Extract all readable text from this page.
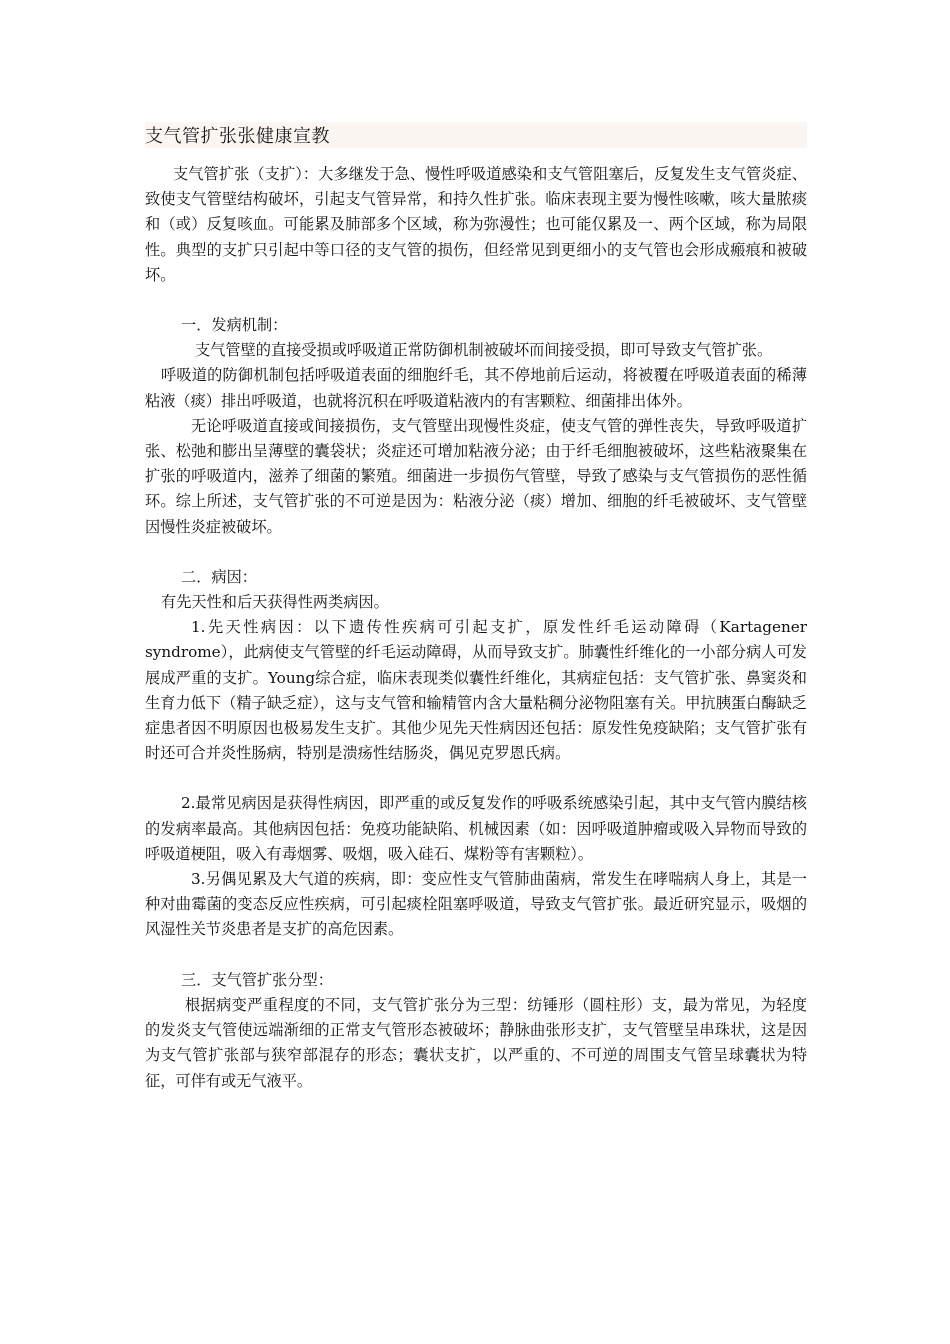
支气管扩张张健康宣教

支气管扩张（支扩）：大多继发于急、慢性呼吸道感染和支气管阻塞后，反复发生支气管炎症、致使支气管壁结构破坏，引起支气管异常，和持久性扩张。临床表现主要为慢性咳嗽，咳大量脓痰和（或）反复咳血。可能累及肺部多个区域，称为弥漫性；也可能仅累及一、两个区域，称为局限性。典型的支扩只引起中等口径的支气管的损伤，但经常见到更细小的支气管也会形成瘢痕和被破坏。

一．发病机制：

支气管壁的直接受损或呼吸道正常防御机制被破坏而间接受损，即可导致支气管扩张。

呼吸道的防御机制包括呼吸道表面的细胞纤毛，其不停地前后运动，将被覆在呼吸道表面的稀薄粘液（痰）排出呼吸道，也就将沉积在呼吸道粘液内的有害颗粒、细菌排出体外。

无论呼吸道直接或间接损伤，支气管壁出现慢性炎症，使支气管的弹性丧失，导致呼吸道扩张、松弛和膨出呈薄壁的囊袋状；炎症还可增加粘液分泌；由于纤毛细胞被破坏，这些粘液聚集在扩张的呼吸道内，滋养了细菌的繁殖。细菌进一步损伤气管壁，导致了感染与支气管损伤的恶性循环。综上所述，支气管扩张的不可逆是因为：粘液分泌（痰）增加、细胞的纤毛被破坏、支气管壁因慢性炎症被破坏。

二．病因：

有先天性和后天获得性两类病因。

1.先天性病因：以下遗传性疾病可引起支扩，原发性纤毛运动障碍（Kartagener syndrome），此病使支气管壁的纤毛运动障碍，从而导致支扩。肺囊性纤维化的一小部分病人可发展成严重的支扩。Young综合症，临床表现类似囊性纤维化，其病症包括：支气管扩张、鼻窦炎和生育力低下（精子缺乏症），这与支气管和输精管内含大量粘稠分泌物阻塞有关。甲抗胰蛋白酶缺乏症患者因不明原因也极易发生支扩。其他少见先天性病因还包括：原发性免疫缺陷；支气管扩张有时还可合并炎性肠病，特别是溃疡性结肠炎，偶见克罗恩氏病。

2.最常见病因是获得性病因，即严重的或反复发作的呼吸系统感染引起，其中支气管内膜结核的发病率最高。其他病因包括：免疫功能缺陷、机械因素（如：因呼吸道肿瘤或吸入异物而导致的呼吸道梗阻，吸入有毒烟雾、吸烟，吸入硅石、煤粉等有害颗粒）。

3.另偶见累及大气道的疾病，即：变应性支气管肺曲菌病，常发生在哮喘病人身上，其是一种对曲霉菌的变态反应性疾病，可引起痰栓阻塞呼吸道，导致支气管扩张。最近研究显示，吸烟的风湿性关节炎患者是支扩的高危因素。

三．支气管扩张分型：

根据病变严重程度的不同，支气管扩张分为三型：纺锤形（圆柱形）支，最为常见，为轻度的发炎支气管使远端渐细的正常支气管形态被破坏；静脉曲张形支扩，支气管壁呈串珠状，这是因为支气管扩张部与狭窄部混存的形态；囊状支扩，以严重的、不可逆的周围支气管呈球囊状为特征，可伴有或无气液平。
